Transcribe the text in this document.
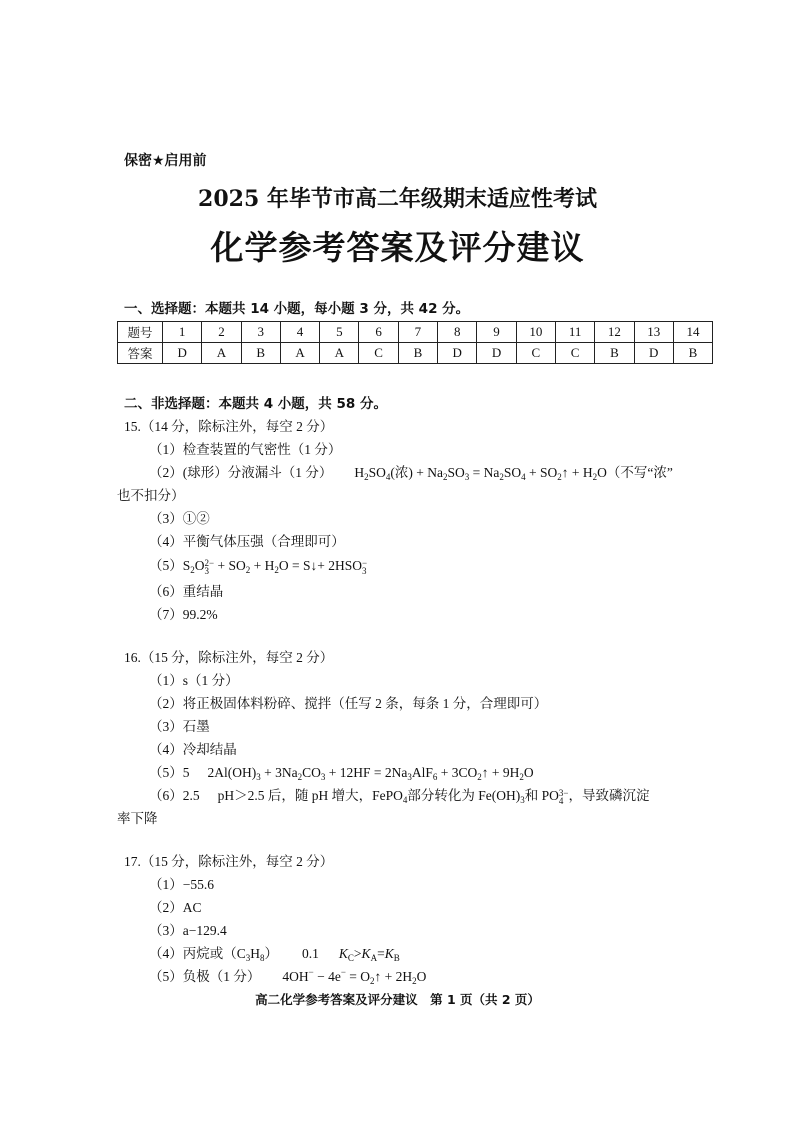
保密★启用前
2025 年毕节市高二年级期末适应性考试
化学参考答案及评分建议
一、选择题：本题共 14 小题，每小题 3 分，共 42 分。
题号	1	2	3	4	5	6	7	8	9	10	11	12	13	14
答案	D	A	B	A	A	C	B	D	D	C	C	B	D	B
二、非选择题：本题共 4 小题，共 58 分。
15.（14 分，除标注外，每空 2 分）
（1）检查装置的气密性（1 分）
（2）(球形）分液漏斗（1 分） $H_2SO_4$(浓) + $Na_2SO_3 = Na_2SO_4$ + $SO_2↑ + H_2O$（不写“浓”
也不扣分）
（3）①②
（4）平衡气体压强（合理即可）
$(5)S_2O$ 2−
$3 + SO_2 + H_2O$ = S↓+ 2HSO −
3
（6）重结晶
（7）99.2%
16.（15 分，除标注外，每空 2 分）
（1）s（1 分）
（2）将正极固体料粉碎、搅拌（任写 2 条，每条 1 分，合理即可）
（3）石墨
（4）冷却结晶
（5）5 $2Al(OH)_3 + 3Na_2CO_3 + 12HF = 2Na_3AlF_6$ + $3CO_2↑ + 9H_2O$
（6）2.5 pH＞2.5 后，随 pH 增大，FePO$_4$部分转化为 $Fe(OH)_3$和 PO 3−
4 ，导致磷沉淀
率下降
17.（15 分，除标注外，每空 2 分）
（1）−55.6
（2）AC
（3）a−129.4
（4）丙烷或$(C_3H_8)$ 0.1 $K_C>K_A=K_B$
（5）负极（1 分） $4OH^- - 4e^- = O_2↑ + 2H_2O$
高二化学参考答案及评分建议　第 1 页（共 2 页）
